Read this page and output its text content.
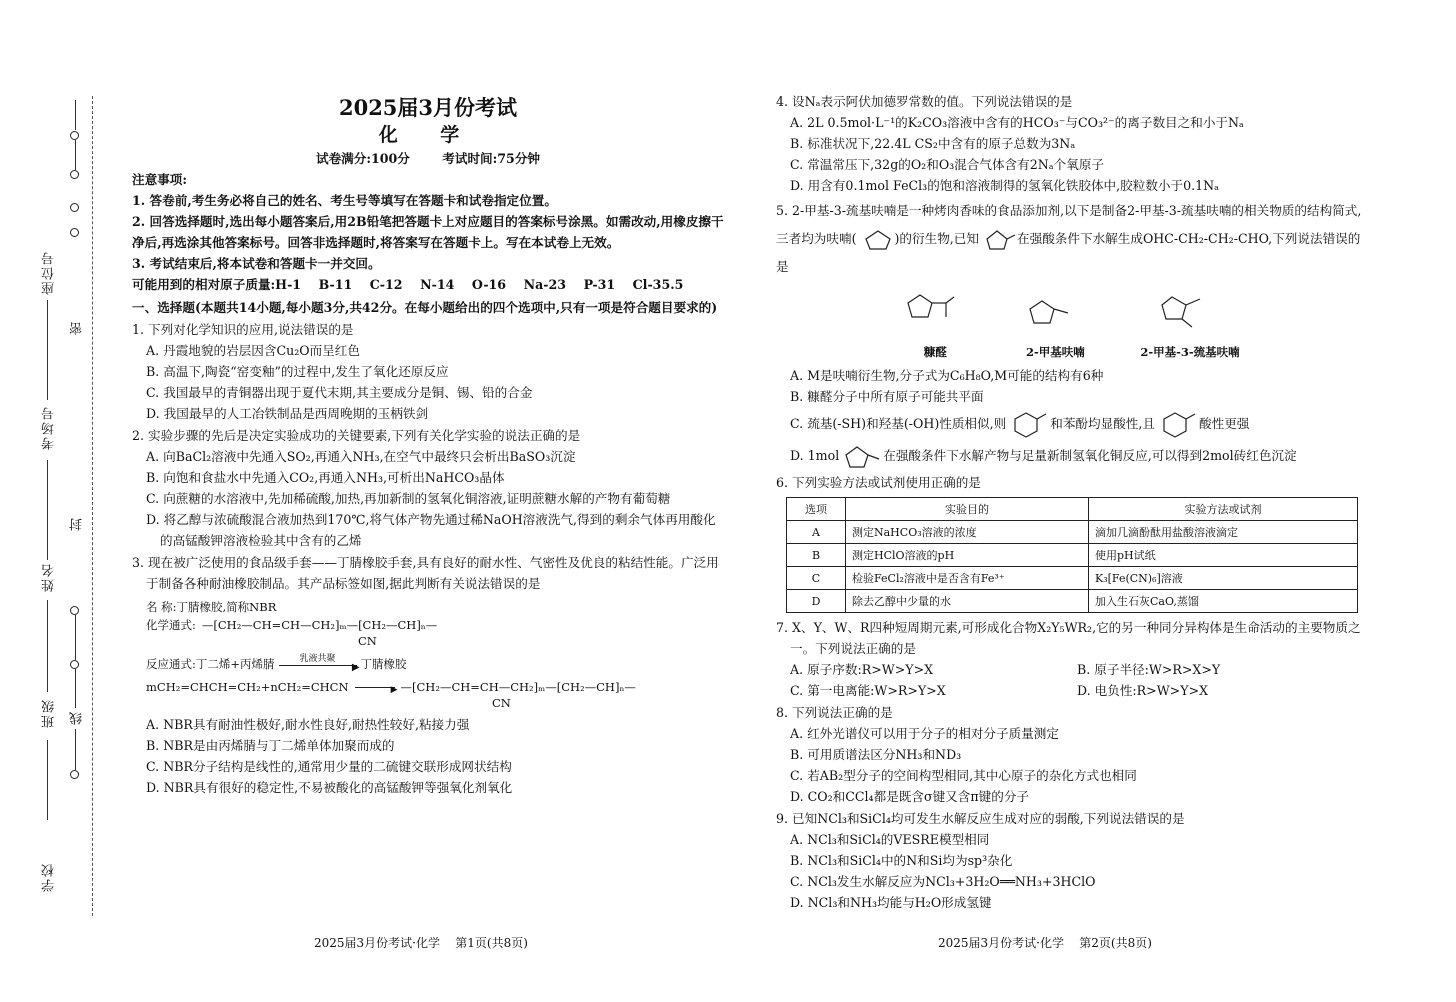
座位号
考场号
姓名
班级
学校
密
封
线
2025届3月份考试
化 学
试卷满分:100分	考试时间:75分钟

注意事项:

1. 答卷前,考生务必将自己的姓名、考生号等填写在答题卡和试卷指定位置。

2. 回答选择题时,选出每小题答案后,用2B铅笔把答题卡上对应题目的答案标号涂黑。如需改动,用橡皮擦干净后,再选涂其他答案标号。回答非选择题时,将答案写在答题卡上。写在本试卷上无效。

3. 考试结束后,将本试卷和答题卡一并交回。

可能用到的相对原子质量:H-1    B-11    C-12    N-14    O-16    Na-23    P-31    Cl-35.5

一、选择题(本题共14小题,每小题3分,共42分。在每小题给出的四个选项中,只有一项是符合题目要求的)

1. 下列对化学知识的应用,说法错误的是

A. 丹霞地貌的岩层因含Cu₂O而呈红色

B. 高温下,陶瓷“窑变釉”的过程中,发生了氧化还原反应

C. 我国最早的青铜器出现于夏代末期,其主要成分是铜、锡、铅的合金

D. 我国最早的人工冶铁制品是西周晚期的玉柄铁剑

2. 实验步骤的先后是决定实验成功的关键要素,下列有关化学实验的说法正确的是

A. 向BaCl₂溶液中先通入SO₂,再通入NH₃,在空气中最终只会析出BaSO₃沉淀

B. 向饱和食盐水中先通入CO₂,再通入NH₃,可析出NaHCO₃晶体

C. 向蔗糖的水溶液中,先加稀硫酸,加热,再加新制的氢氧化铜溶液,证明蔗糖水解的产物有葡萄糖

D. 将乙醇与浓硫酸混合液加热到170℃,将气体产物先通过稀NaOH溶液洗气,得到的剩余气体再用酸化的高锰酸钾溶液检验其中含有的乙烯

3. 现在被广泛使用的食品级手套——丁腈橡胶手套,具有良好的耐水性、气密性及优良的粘结性能。广泛用于制备各种耐油橡胶制品。其产品标签如图,据此判断有关说法错误的是

名 称:丁腈橡胶,简称NBR
化学通式: —[CH₂—CH=CH—CH₂]ₘ—[CH₂—CH]ₙ—
CN
反应通式: 丁二烯+丙烯腈	$^{乳液共聚}$
▶ 丁腈橡胶
mCH₂=CHCH=CH₂+nCH₂=CHCN	▶ —[CH₂—CH=CH—CH₂]ₘ—[CH₂—CH]ₙ—
CN

A. NBR具有耐油性极好,耐水性良好,耐热性较好,粘接力强

B. NBR是由丙烯腈与丁二烯单体加聚而成的

C. NBR分子结构是线性的,通常用少量的二硫键交联形成网状结构

D. NBR具有很好的稳定性,不易被酸化的高锰酸钾等强氧化剂氧化

4. 设Nₐ表示阿伏加德罗常数的值。下列说法错误的是

A. 2L 0.5mol·L⁻¹的K₂CO₃溶液中含有的HCO₃⁻与CO₃²⁻的离子数目之和小于Nₐ

B. 标准状况下,22.4L CS₂中含有的原子总数为3Nₐ

C. 常温常压下,32g的O₂和O₃混合气体含有2Nₐ个氧原子

D. 用含有0.1mol FeCl₃的饱和溶液制得的氢氧化铁胶体中,胶粒数小于0.1Nₐ

5. 2-甲基-3-巯基呋喃是一种烤肉香味的食品添加剂,以下是制备2-甲基-3-巯基呋喃的相关物质的结构简式,三者均为呋喃(	)的衍生物,已知	在强酸条件下水解生成OHC-CH₂-CH₂-CHO,下列说法错误的是

糠醛	2-甲基呋喃	2-甲基-3-巯基呋喃

A. M是呋喃衍生物,分子式为C₆H₈O,M可能的结构有6种

B. 糠醛分子中所有原子可能共平面

C. 巯基(-SH)和羟基(-OH)性质相似,则	和苯酚均显酸性,且	酸性更强

D. 1mol	在强酸条件下水解产物与足量新制氢氧化铜反应,可以得到2mol砖红色沉淀

6. 下列实验方法或试剂使用正确的是

选项	实验目的	实验方法或试剂
A	测定NaHCO₃溶液的浓度	滴加几滴酚酞用盐酸溶液滴定
B	测定HClO溶液的pH	使用pH试纸
C	检验FeCl₂溶液中是否含有Fe³⁺	K₃[Fe(CN)₆]溶液
D	除去乙醇中少量的水	加入生石灰CaO,蒸馏

7. X、Y、W、R四种短周期元素,可形成化合物X₂Y₅WR₂,它的另一种同分异构体是生命活动的主要物质之一。下列说法正确的是

A. 原子序数:R>W>Y>X	B. 原子半径:W>R>X>Y
C. 第一电离能:W>R>Y>X	D. 电负性:R>W>Y>X

8. 下列说法正确的是

A. 红外光谱仪可以用于分子的相对分子质量测定

B. 可用质谱法区分NH₃和ND₃

C. 若AB₂型分子的空间构型相同,其中心原子的杂化方式也相同

D. CO₂和CCl₄都是既含σ键又含π键的分子

9. 已知NCl₃和SiCl₄均可发生水解反应生成对应的弱酸,下列说法错误的是

A. NCl₃和SiCl₄的VESRE模型相同

B. NCl₃和SiCl₄中的N和Si均为sp³杂化

C. NCl₃发生水解反应为NCl₃+3H₂O══NH₃+3HClO

D. NCl₃和NH₃均能与H₂O形成氢键

2025届3月份考试·化学    第1页(共8页)	2025届3月份考试·化学    第2页(共8页)
